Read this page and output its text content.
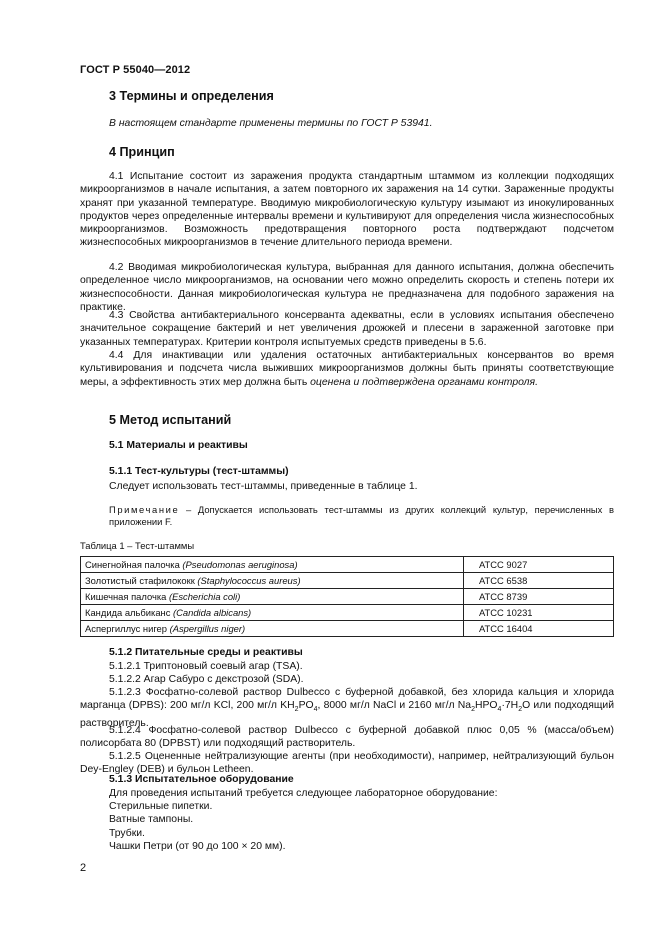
ГОСТ Р 55040—2012
3 Термины и определения
В настоящем стандарте применены термины по ГОСТ Р 53941.
4 Принцип
4.1 Испытание состоит из заражения продукта стандартным штаммом из коллекции подходящих микроорганизмов в начале испытания, а затем повторного их заражения на 14 сутки. Зараженные продукты хранят при указанной температуре. Вводимую микробиологическую культуру изымают из инокулированных продуктов через определенные интервалы времени и культивируют для определения числа жизнеспособных микроорганизмов. Возможность предотвращения повторного роста подтверждают подсчетом жизнеспособных микроорганизмов в течение длительного периода времени.
4.2 Вводимая микробиологическая культура, выбранная для данного испытания, должна обеспечить определенное число микроорганизмов, на основании чего можно определить скорость и степень потери их жизнеспособности. Данная микробиологическая культура не предназначена для подобного заражения на практике.
4.3 Свойства антибактериального консерванта адекватны, если в условиях испытания обеспечено значительное сокращение бактерий и нет увеличения дрожжей и плесени в зараженной заготовке при указанных температурах. Критерии контроля испытуемых средств приведены в 5.6.
4.4 Для инактивации или удаления остаточных антибактериальных консервантов во время культивирования и подсчета числа выживших микроорганизмов должны быть приняты соответствующие меры, а эффективность этих мер должна быть оценена и подтверждена органами контроля.
5 Метод испытаний
5.1 Материалы и реактивы
5.1.1 Тест-культуры (тест-штаммы)
Следует использовать тест-штаммы, приведенные в таблице 1.
Примечание – Допускается использовать тест-штаммы из других коллекций культур, перечисленных в приложении F.
Таблица 1 – Тест-штаммы
Синегнойная палочка (Pseudomonas aeruginosa)	ATCC 9027
Золотистый стафилококк (Staphylococcus aureus)	ATCC 6538
Кишечная палочка (Escherichia coli)	ATCC 8739
Кандида альбиканс (Candida albicans)	ATCC 10231
Аспергиллус нигер (Aspergillus niger)	ATCC 16404
5.1.2 Питательные среды и реактивы
5.1.2.1 Триптоновый соевый агар (TSA).
5.1.2.2 Агар Сабуро с декстрозой (SDA).
5.1.2.3 Фосфатно-солевой раствор Dulbecco с буферной добавкой, без хлорида кальция и хлорида марганца (DPBS): 200 мг/л KCl, 200 мг/л $KH_2PO_4$, 8000 мг/л NaCl и 2160 мг/л $Na_2HPO_4\cdot 7H_2O$ или подходящий растворитель.
5.1.2.4 Фосфатно-солевой раствор Dulbecco с буферной добавкой плюс 0,05 % (масса/объем) полисорбата 80 (DPBST) или подходящий растворитель.
5.1.2.5 Оцененные нейтрализующие агенты (при необходимости), например, нейтрализующий бульон Dey-Engley (DEB) и бульон Letheen.
5.1.3 Испытательное оборудование
Для проведения испытаний требуется следующее лабораторное оборудование:
Стерильные пипетки.
Ватные тампоны.
Трубки.
Чашки Петри (от 90 до 100 × 20 мм).
2
